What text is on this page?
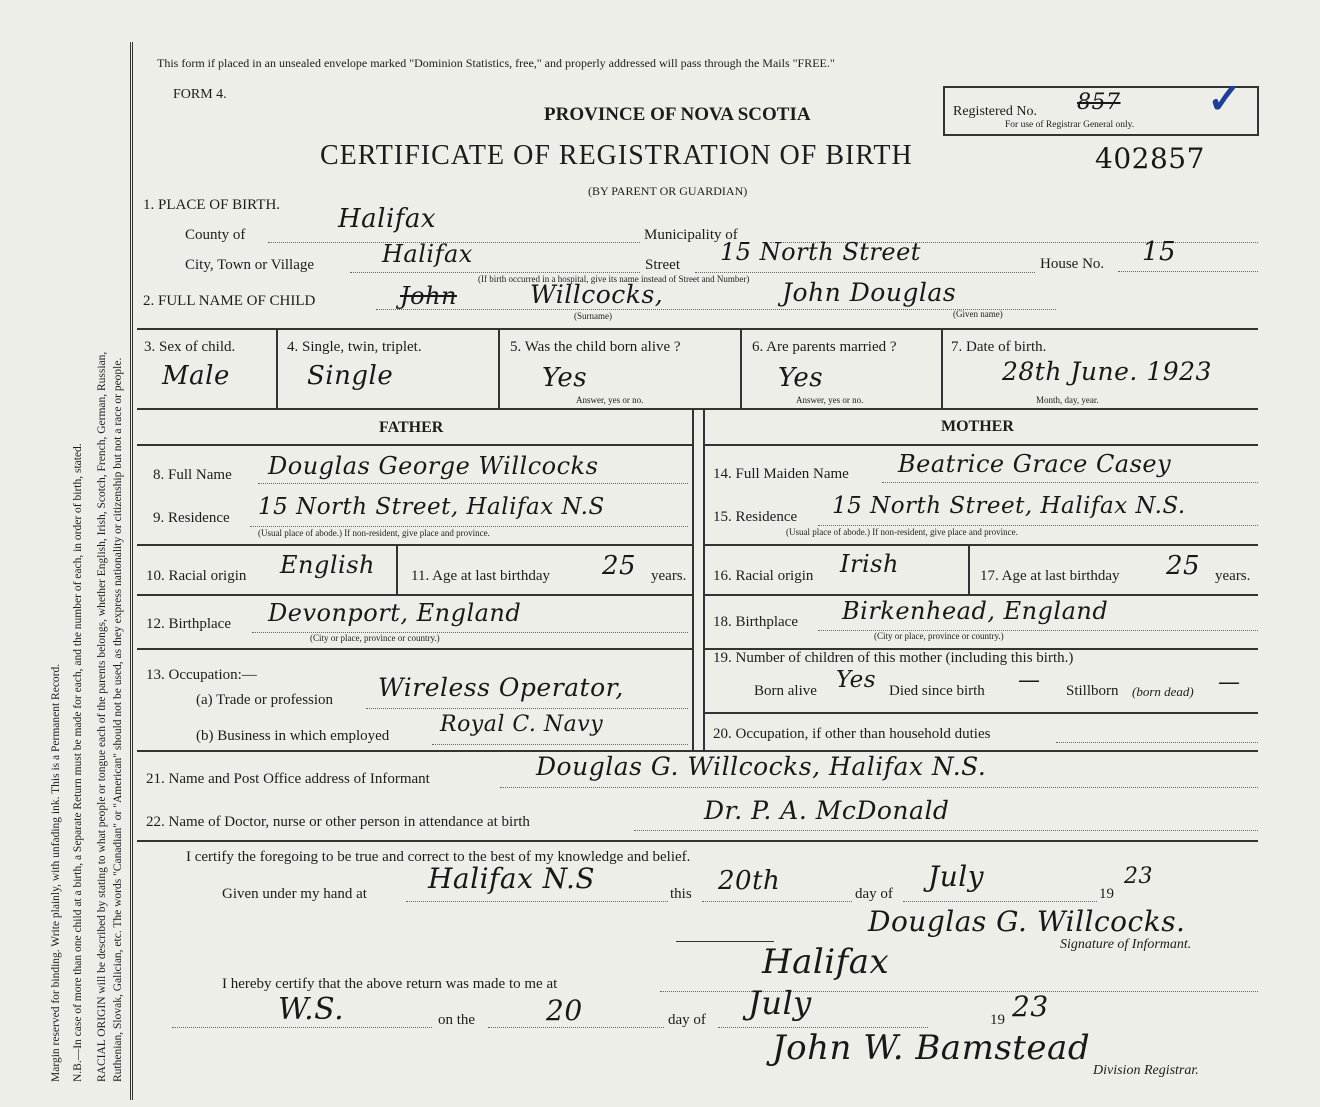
Margin reserved for binding. Write plainly, with unfading ink. This is a Permanent Record. N.B.—In case of more than one child at a birth, a Separate Return must be made for each, and the number of each, in order of birth, stated. RACIAL ORIGIN will be described by stating to what people or tongue each of the parents belongs, whether English, Irish, Scotch, French, German, Russian, Ruthenian, Slovak, Galician, etc. The words "Canadian" or "American" should not be used, as they express nationality or citizenship but not a race or people.
This form if placed in an unsealed envelope marked "Dominion Statistics, free," and properly addressed will pass through the Mails "FREE."
FORM 4.
PROVINCE OF NOVA SCOTIA	Registered No. 857
For use of Registrar General only.
✓
CERTIFICATE OF REGISTRATION OF BIRTH	402857
(BY PARENT OR GUARDIAN)
1. PLACE OF BIRTH.
County of
Halifax
Municipality of
City, Town or Village	Halifax	Street 15 North Street	House No. 15
(If birth occurred in a hospital, give its name instead of Street and Number)
2. FULL NAME OF CHILD	John	Willcocks,	John Douglas
(Surname)	(Given name)
3. Sex of child.
Male
4. Single, twin, triplet.
Single
5. Was the child born alive ?
Yes
Answer, yes or no.
6. Are parents married ?
Yes
Answer, yes or no.
7. Date of birth.
28th June. 1923
Month, day, year.
FATHER	MOTHER
8. Full Name Douglas George Willcocks
9. Residence 15 North Street, Halifax N.S
(Usual place of abode.) If non-resident, give place and province.
10. Racial origin English 11. Age at last birthday 25 years.
12. Birthplace Devonport, England
(City or place, province or country.)
13. Occupation:—
(a) Trade or profession Wireless Operator,
(b) Business in which employed Royal C. Navy
14. Full Maiden Name Beatrice Grace Casey
15. Residence 15 North Street, Halifax N.S.
(Usual place of abode.) If non-resident, give place and province.
16. Racial origin Irish	17. Age at last birthday 25 years.
18. Birthplace Birkenhead, England
(City or place, province or country.)
19. Number of children of this mother (including this birth.)
Born alive Yes Died since birth — Stillborn (born dead) —
20. Occupation, if other than household duties
21. Name and Post Office address of Informant	Douglas G. Willcocks, Halifax N.S.
22. Name of Doctor, nurse or other person in attendance at birth	Dr. P. A. McDonald
I certify the foregoing to be true and correct to the best of my knowledge and belief.
Given under my hand at Halifax N.S	this 20th	day of
July
19
23
Douglas G. Willcocks.
Signature of Informant.
I hereby certify that the above return was made to me at
Halifax
W.S.	on the	20	day of July	19 23
John W. Bamstead
Division Registrar.
